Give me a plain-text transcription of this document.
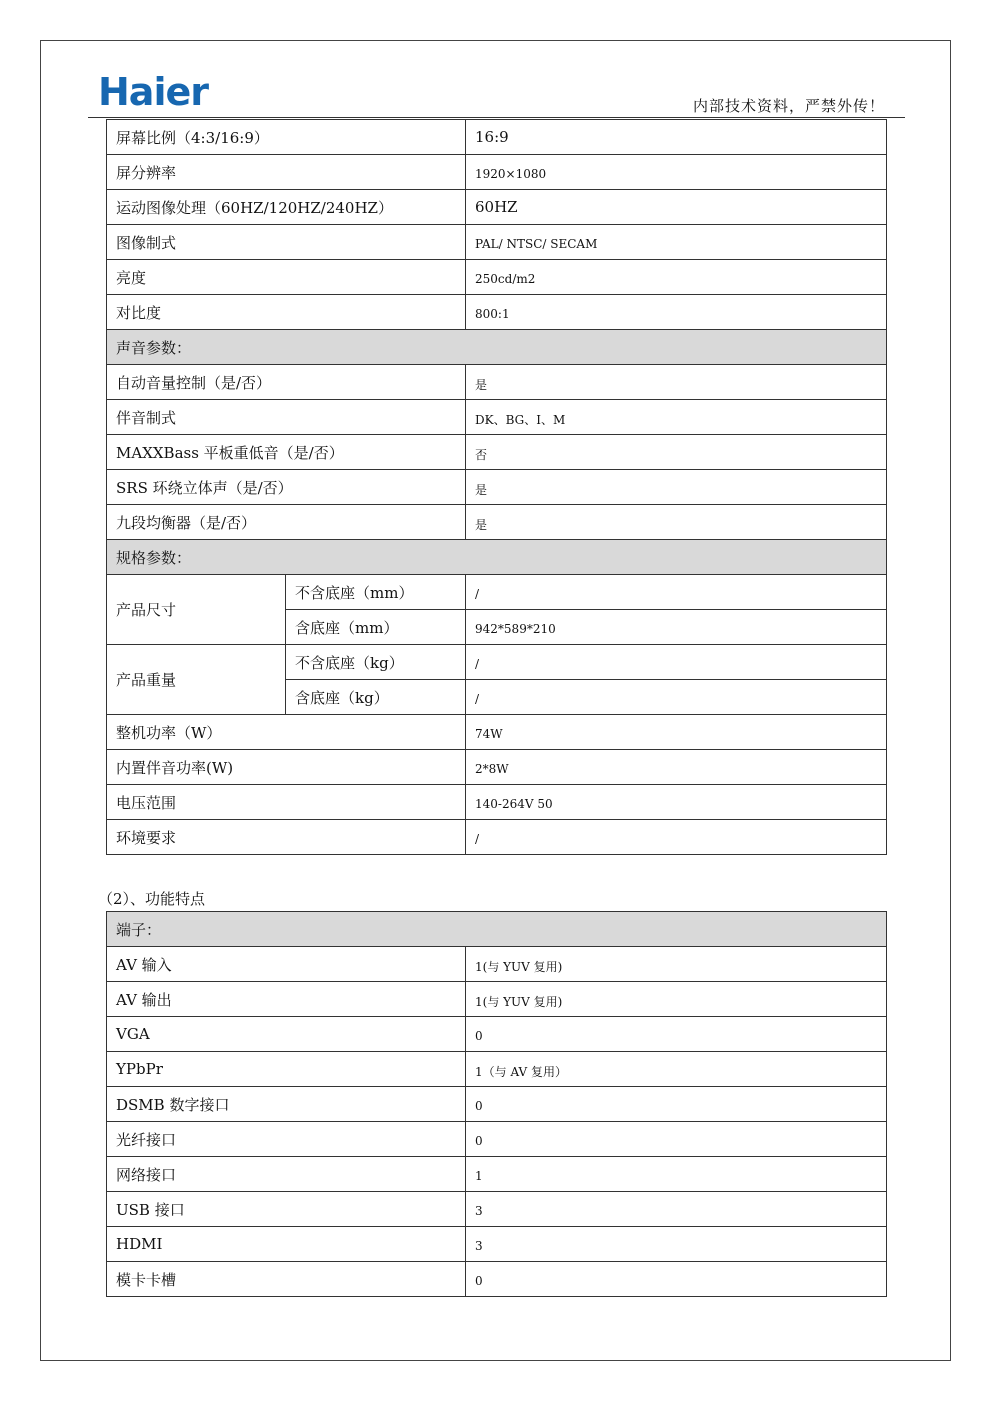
Haier	内部技术资料，严禁外传！
屏幕比例（4:3/16:9）		16:9
屏分辨率		1920×1080
运动图像处理（60HZ/120HZ/240HZ）		60HZ
图像制式		PAL/ NTSC/ SECAM
亮度		250cd/m2
对比度		800:1
声音参数：		
自动音量控制（是/否）		是
伴音制式		DK、BG、I、M
MAXXBass 平板重低音（是/否）		否
SRS 环绕立体声（是/否）		是
九段均衡器（是/否）		是
规格参数：		
产品尺寸	不含底座（mm）	/
	含底座（mm）	942*589*210
产品重量	不含底座（kg）	/
	含底座（kg）	/
整机功率（W）		74W
内置伴音功率(W)		2*8W
电压范围		140-264V 50
环境要求		/
（2）、功能特点
端子：	
AV 输入	1(与 YUV 复用)
AV 输出	1(与 YUV 复用)
VGA	0
YPbPr	1（与 AV 复用）
DSMB 数字接口	0
光纤接口	0
网络接口	1
USB 接口	3
HDMI	3
模卡卡槽	0
